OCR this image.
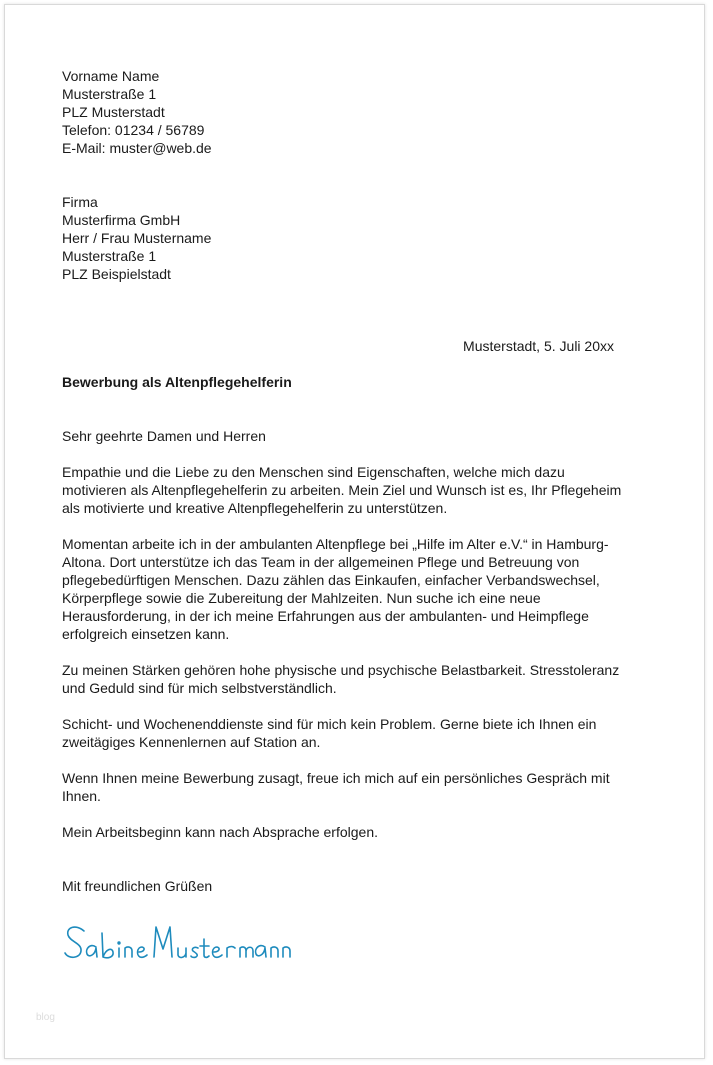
Vorname Name
Musterstraße 1
PLZ Musterstadt
Telefon: 01234 / 56789
E-Mail: muster@web.de
Firma
Musterfirma GmbH
Herr / Frau Mustername
Musterstraße 1
PLZ Beispielstadt
Musterstadt, 5. Juli 20xx
Bewerbung als Altenpflegehelferin
Sehr geehrte Damen und Herren
Empathie und die Liebe zu den Menschen sind Eigenschaften, welche mich dazu
motivieren als Altenpflegehelferin zu arbeiten. Mein Ziel und Wunsch ist es, Ihr Pflegeheim
als motivierte und kreative Altenpflegehelferin zu unterstützen.
Momentan arbeite ich in der ambulanten Altenpflege bei „Hilfe im Alter e.V.“ in Hamburg-
Altona. Dort unterstütze ich das Team in der allgemeinen Pflege und Betreuung von
pflegebedürftigen Menschen. Dazu zählen das Einkaufen, einfacher Verbandswechsel,
Körperpflege sowie die Zubereitung der Mahlzeiten. Nun suche ich eine neue
Herausforderung, in der ich meine Erfahrungen aus der ambulanten- und Heimpflege
erfolgreich einsetzen kann.
Zu meinen Stärken gehören hohe physische und psychische Belastbarkeit. Stresstoleranz
und Geduld sind für mich selbstverständlich.
Schicht- und Wochenenddienste sind für mich kein Problem. Gerne biete ich Ihnen ein
zweitägiges Kennenlernen auf Station an.
Wenn Ihnen meine Bewerbung zusagt, freue ich mich auf ein persönliches Gespräch mit
Ihnen.
Mein Arbeitsbeginn kann nach Absprache erfolgen.
Mit freundlichen Grüßen
blog
